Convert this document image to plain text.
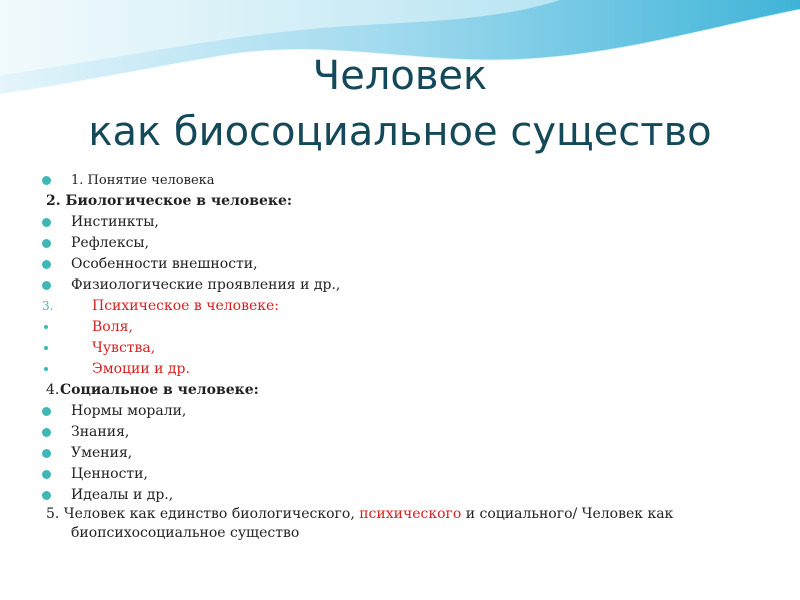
Человек
как биосоциальное существо
1. Понятие человека
2. Биологическое в человеке:
Инстинкты,
Рефлексы,
Особенности внешности,
Физиологические проявления и др.,
3.	Психическое в человеке:
Воля,
Чувства,
Эмоции и др.
4. Социальное в человеке:
Нормы морали,
Знания,
Умения,
Ценности,
Идеалы и др.,
5. Человек как единство биологического, психического и социального/ Человек как
биопсихосоциальное существо
